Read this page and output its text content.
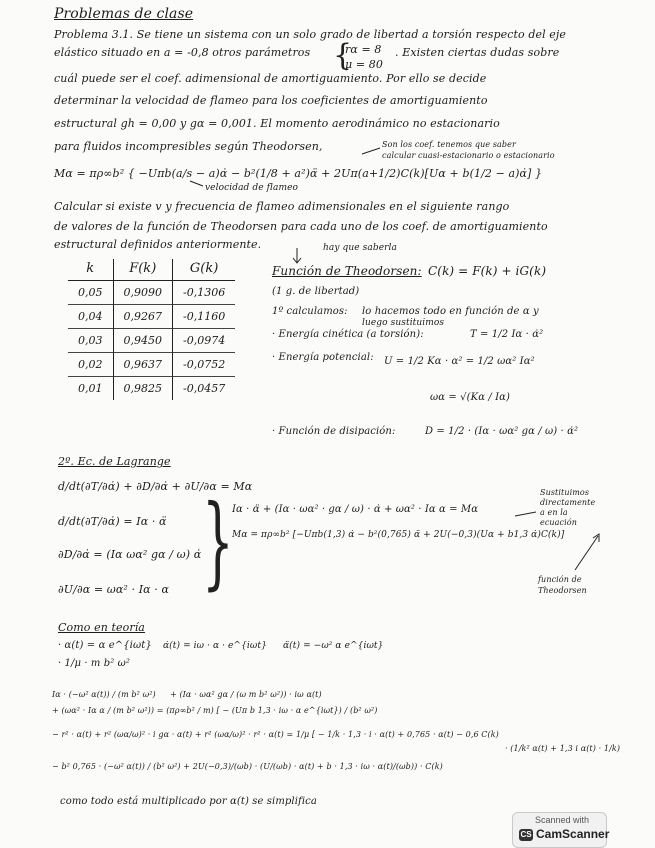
Problemas de clase
Problema 3.1. Se tiene un sistema con un solo grado de libertad a torsión respecto del eje
elástico situado en a = -0,8 otros parámetros {
rα = 8
μ = 80
. Existen ciertas dudas sobre
cuál puede ser el coef. adimensional de amortiguamiento. Por ello se decide
determinar la velocidad de flameo para los coeficientes de amortiguamiento
estructural gh = 0,00 y gα = 0,001. El momento aerodinámico no estacionario
para fluidos incompresibles según Theodorsen,	Son los coef. tenemos que saber
calcular cuasi-estacionario o estacionario
Mα = πρ∞b² { −Uπb(a/s − a)α̇ − b²(1/8 + a²)α̈ + 2Uπ(a+1/2)C(k)[Uα + b(1/2 − a)α̇] }
velocidad de flameo
Calcular si existe v y frecuencia de flameo adimensionales en el siguiente rango
de valores de la función de Theodorsen para cada uno de los coef. de amortiguamiento
estructural definidos anteriormente.
k	F(k)	G(k)
0,05	0,9090	-0,1306
0,04	0,9267	-0,1160
0,03	0,9450	-0,0974
0,02	0,9637	-0,0752
0,01	0,9825	-0,0457
hay que saberla
Función de Theodorsen: C(k) = F(k) + iG(k)
(1 g. de libertad)
1º calculamos: lo hacemos todo en función de α y
luego sustituimos
· Energía cinética (a torsión):	T = 1/2 Iα · α̇²
· Energía potencial: U = 1/2 Kα · α² = 1/2 ωα² Iα²
ωα = √(Kα / Iα)
· Función de disipación:	D = 1/2 · (Iα · ωα² gα / ω) · α̇²
2º. Ec. de Lagrange
d/dt(∂T/∂α̇) + ∂D/∂α̇ + ∂U/∂α = Mα
d/dt(∂T/∂α̇) = Iα · α̈
∂D/∂α̇ = (Iα ωα² gα / ω) α̇
∂U/∂α = ωα² · Iα · α }
Iα · α̈ + (Iα · ωα² · gα / ω) · α̇ + ωα² · Iα α = Mα
Mα = πρ∞b² [−Uπb(1,3) α̇ − b²(0,765) α̈ + 2U(−0,3)(Uα + b1,3 α̇)C(k)]
Sustituimos
directamente
a en la
ecuación
función de
Theodorsen
Como en teoría
· α(t) = α e^{iωt} α̇(t) = iω · α · e^{iωt} α̈(t) = −ω² α e^{iωt}
· 1/μ · m b² ω²
Iα · (−ω² α(t)) / (m b² ω²) + (Iα · ωα² gα / (ω m b² ω²)) · iω α(t)
+ (ωα² · Iα α / (m b² ω²)) = (πρ∞b² / m) [ − (Uπ b 1,3 · iω · α e^{iωt}) / (b² ω²)
− r² · α(t) + r² (ωα/ω)² · i gα · α(t) + r² (ωα/ω)² · r² · α(t) = 1/μ [ − 1/k · 1,3 · i · α(t) + 0,765 · α(t) − 0,6 C(k)
· (1/k² α(t) + 1,3 i α(t) · 1/k)
− b² 0,765 · (−ω² α(t)) / (b² ω²) + 2U(−0,3)/(ωb) · (U/(ωb) · α(t) + b · 1,3 · iω · α(t)/(ωb)) · C(k)
como todo está multiplicado por α(t) se simplifica
Scanned with
CS CamScanner
